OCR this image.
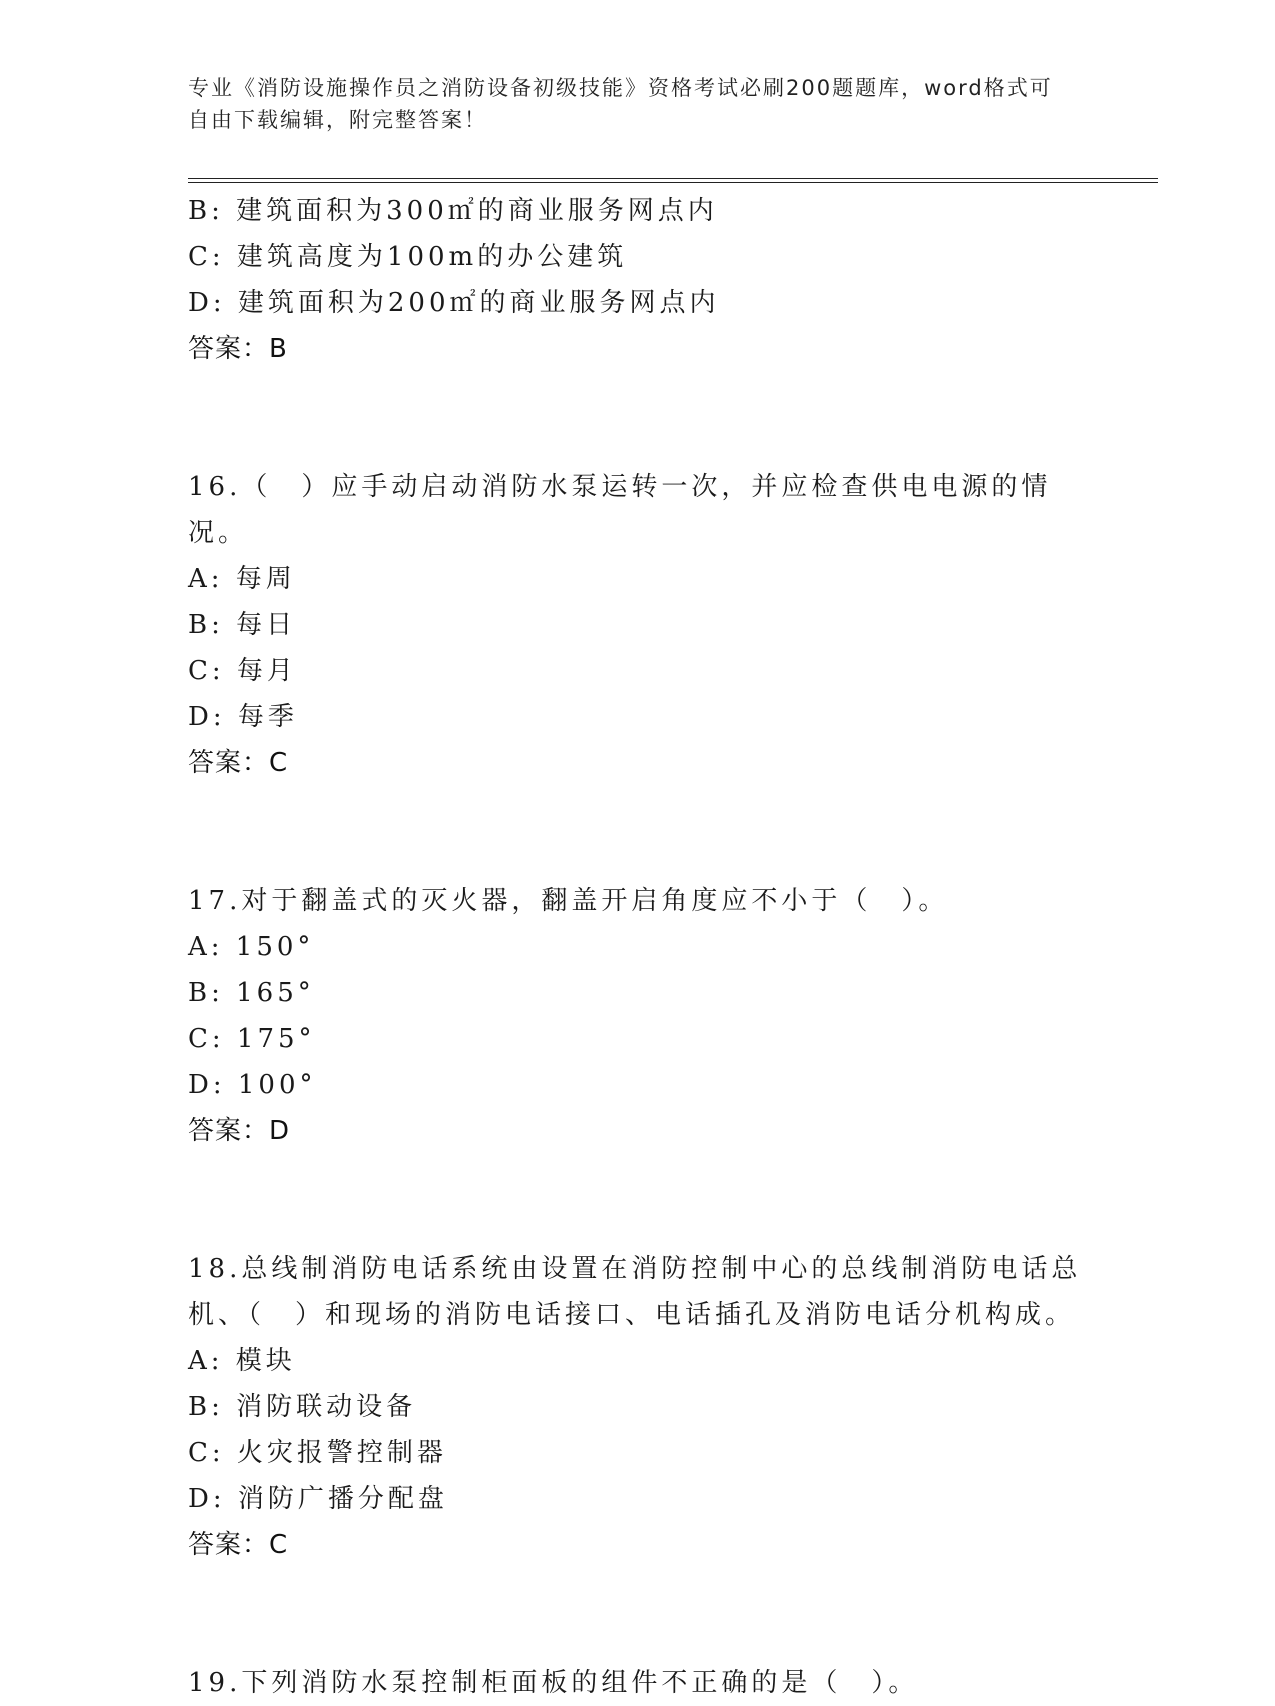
专业《消防设施操作员之消防设备初级技能》资格考试必刷200题题库，word格式可自由下载编辑，附完整答案！
B: 建筑面积为300㎡的商业服务网点内
C: 建筑高度为100m的办公建筑
D: 建筑面积为200㎡的商业服务网点内
答案：B
16.（　）应手动启动消防水泵运转一次，并应检查供电电源的情况。
A: 每周
B: 每日
C: 每月
D: 每季
答案：C
17.对于翻盖式的灭火器，翻盖开启角度应不小于（　）。
A: 150°
B: 165°
C: 175°
D: 100°
答案：D
18.总线制消防电话系统由设置在消防控制中心的总线制消防电话总机、（　）和现场的消防电话接口、电话插孔及消防电话分机构成。
A: 模块
B: 消防联动设备
C: 火灾报警控制器
D: 消防广播分配盘
答案：C
19.下列消防水泵控制柜面板的组件不正确的是（　）。
